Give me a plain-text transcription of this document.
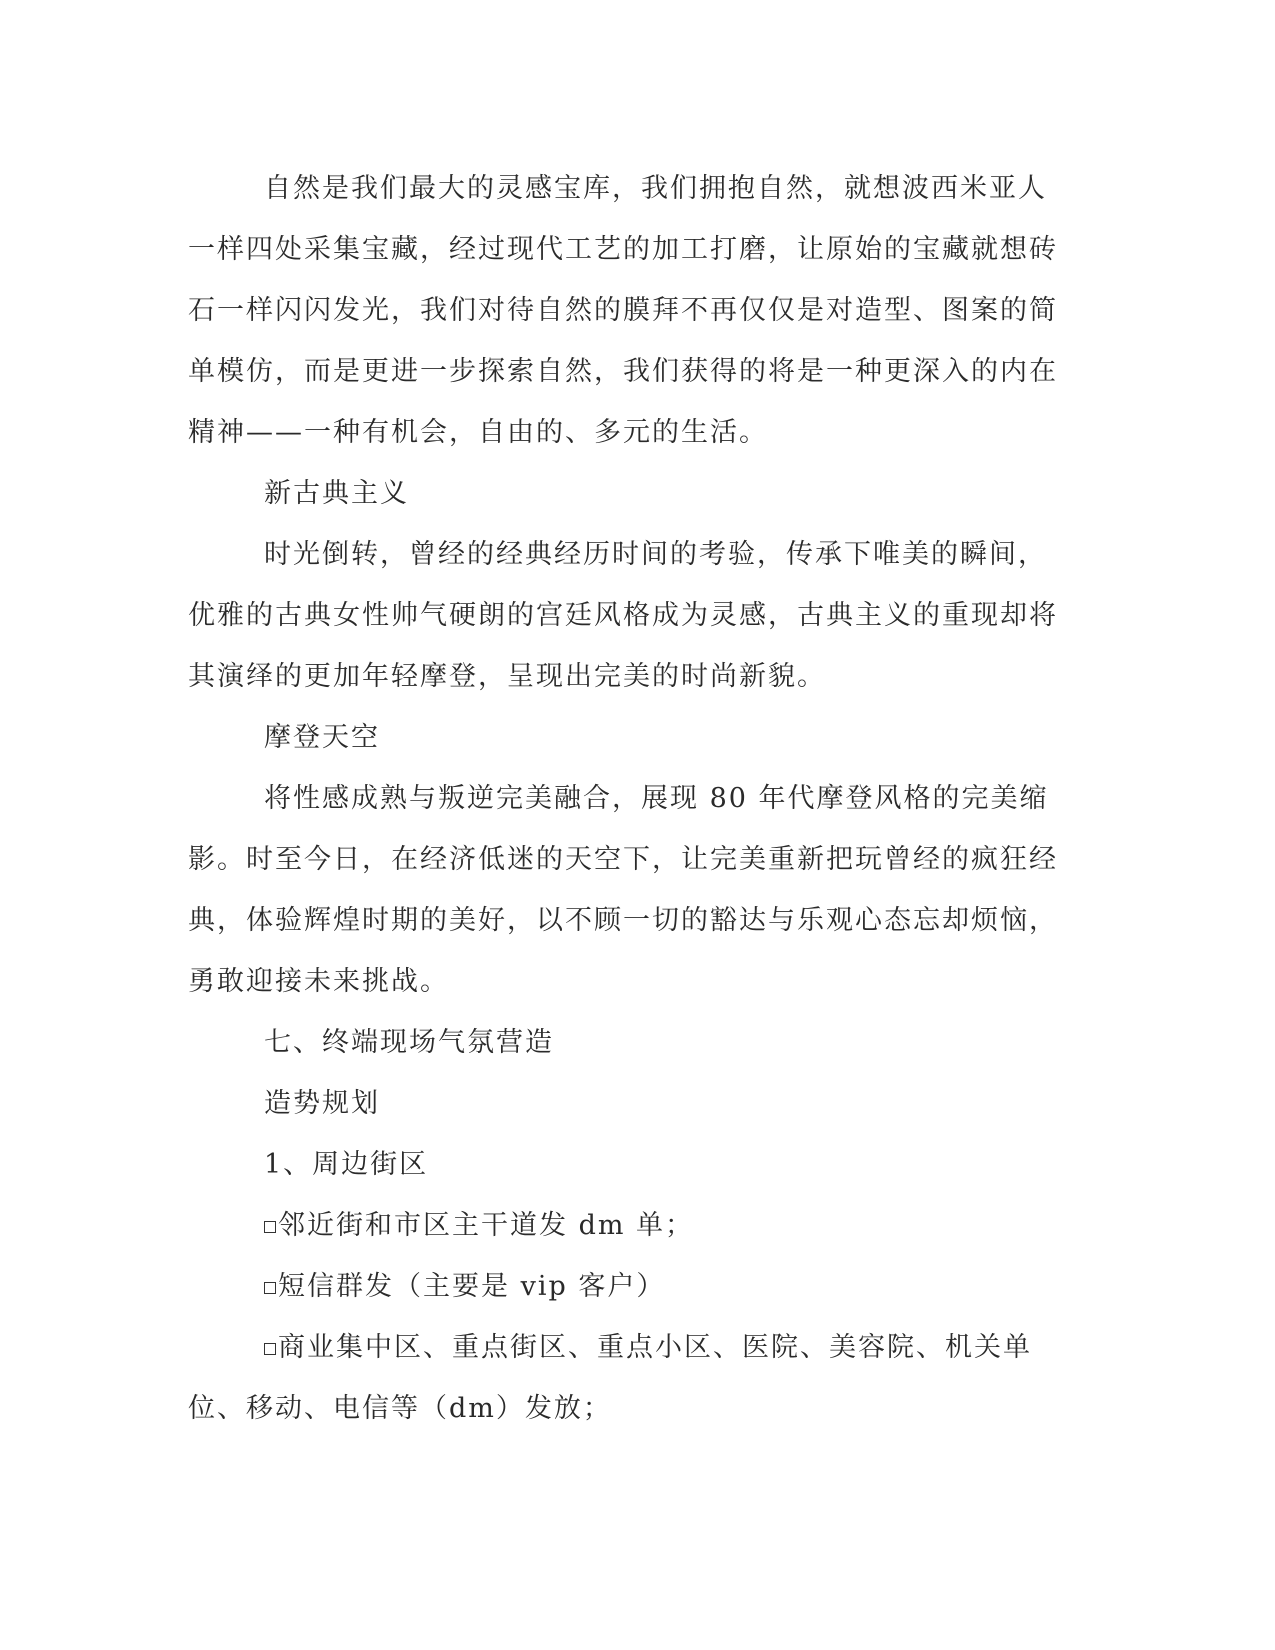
自然是我们最大的灵感宝库，我们拥抱自然，就想波西米亚人一样四处采集宝藏，经过现代工艺的加工打磨，让原始的宝藏就想砖石一样闪闪发光，我们对待自然的膜拜不再仅仅是对造型、图案的简单模仿，而是更进一步探索自然，我们获得的将是一种更深入的内在精神——一种有机会，自由的、多元的生活。

新古典主义

时光倒转，曾经的经典经历时间的考验，传承下唯美的瞬间，优雅的古典女性帅气硬朗的宫廷风格成为灵感，古典主义的重现却将其演绎的更加年轻摩登，呈现出完美的时尚新貌。

摩登天空

将性感成熟与叛逆完美融合，展现 80 年代摩登风格的完美缩影。时至今日，在经济低迷的天空下，让完美重新把玩曾经的疯狂经典，体验辉煌时期的美好，以不顾一切的豁达与乐观心态忘却烦恼，勇敢迎接未来挑战。

七、终端现场气氛营造

造势规划

1、周边街区

邻近街和市区主干道发 dm 单；

短信群发（主要是 vip 客户）

商业集中区、重点街区、重点小区、医院、美容院、机关单位、移动、电信等（dm）发放；
